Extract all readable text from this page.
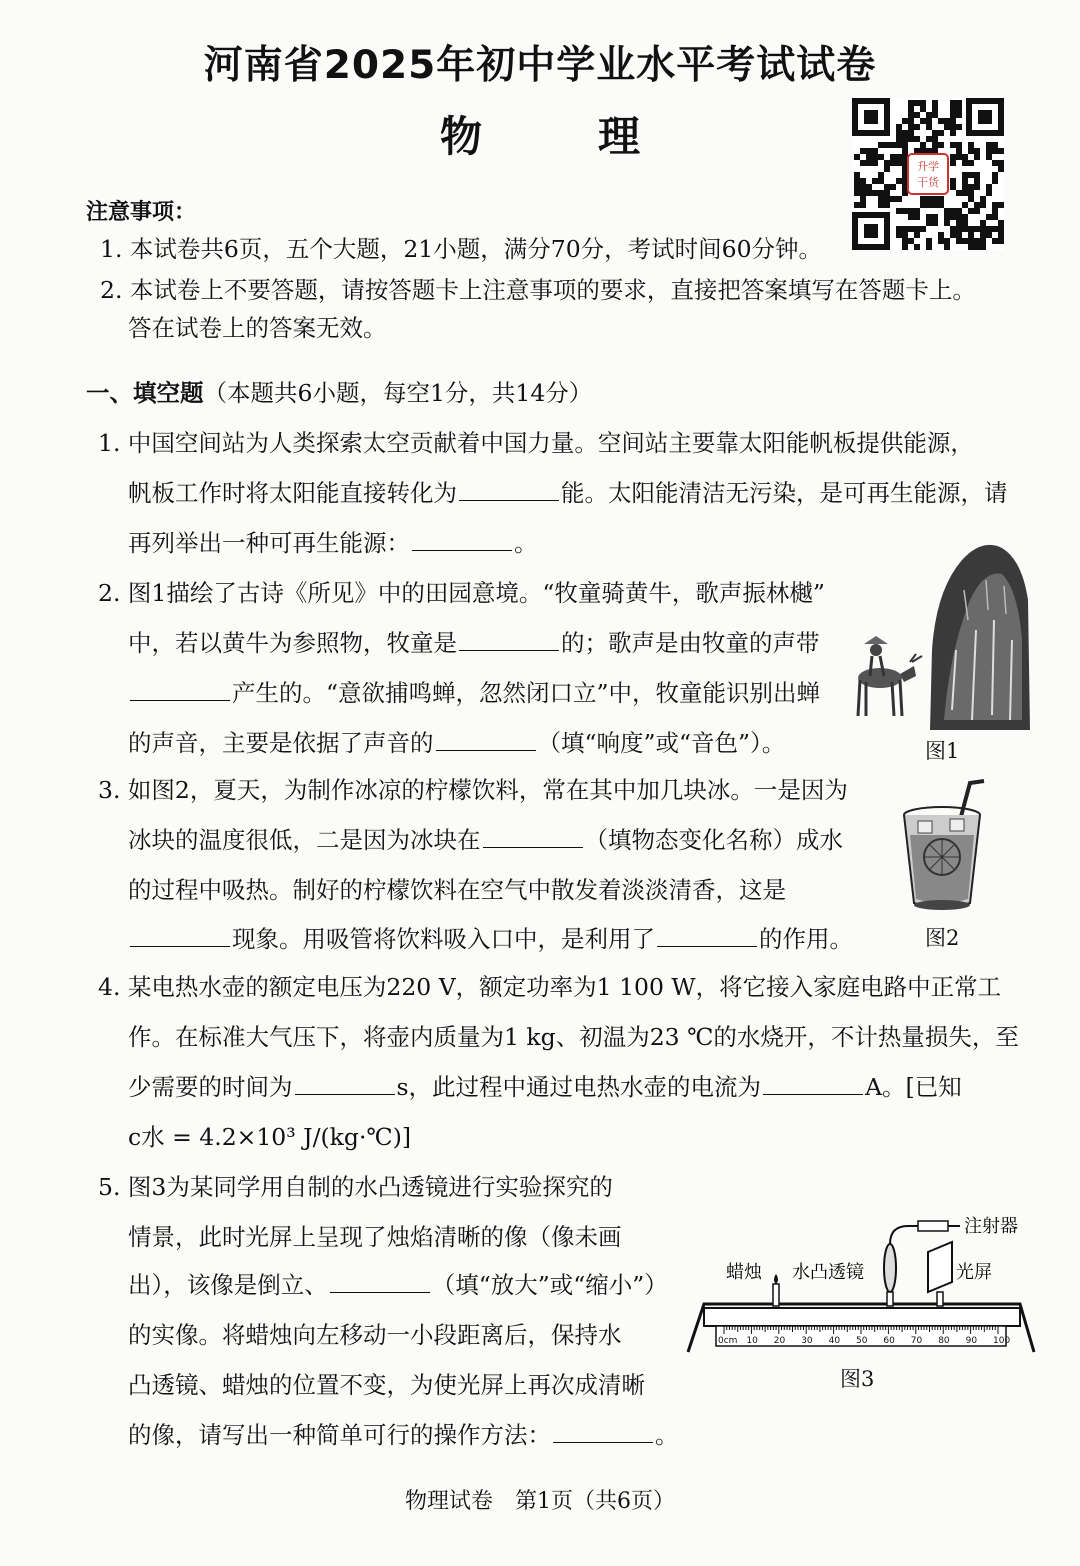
河南省2025年初中学业水平考试试卷
物	理
升学
干货
注意事项：
1. 本试卷共6页，五个大题，21小题，满分70分，考试时间60分钟。
2. 本试卷上不要答题，请按答题卡上注意事项的要求，直接把答案填写在答题卡上。
答在试卷上的答案无效。
一、填空题（本题共6小题，每空1分，共14分）
1. 中国空间站为人类探索太空贡献着中国力量。空间站主要靠太阳能帆板提供能源，
帆板工作时将太阳能直接转化为	能。太阳能清洁无污染，是可再生能源，请
再列举出一种可再生能源：	。
2. 图1描绘了古诗《所见》中的田园意境。“牧童骑黄牛，歌声振林樾”
中，若以黄牛为参照物，牧童是	的；歌声是由牧童的声带
产生的。“意欲捕鸣蝉，忽然闭口立”中，牧童能识别出蝉
的声音，主要是依据了声音的	（填“响度”或“音色”）。	图1
3. 如图2，夏天，为制作冰凉的柠檬饮料，常在其中加几块冰。一是因为
冰块的温度很低，二是因为冰块在	（填物态变化名称）成水
的过程中吸热。制好的柠檬饮料在空气中散发着淡淡清香，这是
现象。用吸管将饮料吸入口中，是利用了	的作用。	图2
4. 某电热水壶的额定电压为220 V，额定功率为1 100 W，将它接入家庭电路中正常工
作。在标准大气压下，将壶内质量为1 kg、初温为23 ℃的水烧开，不计热量损失，至
少需要的时间为	s，此过程中通过电热水壶的电流为	A。[已知
c水 = 4.2×10³ J/(kg·℃)]
5. 图3为某同学用自制的水凸透镜进行实验探究的
情景，此时光屏上呈现了烛焰清晰的像（像未画
出），该像是倒立、	（填“放大”或“缩小”）
的实像。将蜡烛向左移动一小段距离后，保持水
凸透镜、蜡烛的位置不变，为使光屏上再次成清晰
的像，请写出一种简单可行的操作方法：	。
0cm 10 20 30 40 50 60 70 80 90 100
注射器
蜡烛 水凸透镜	光屏
图3
物理试卷　第1页（共6页）
